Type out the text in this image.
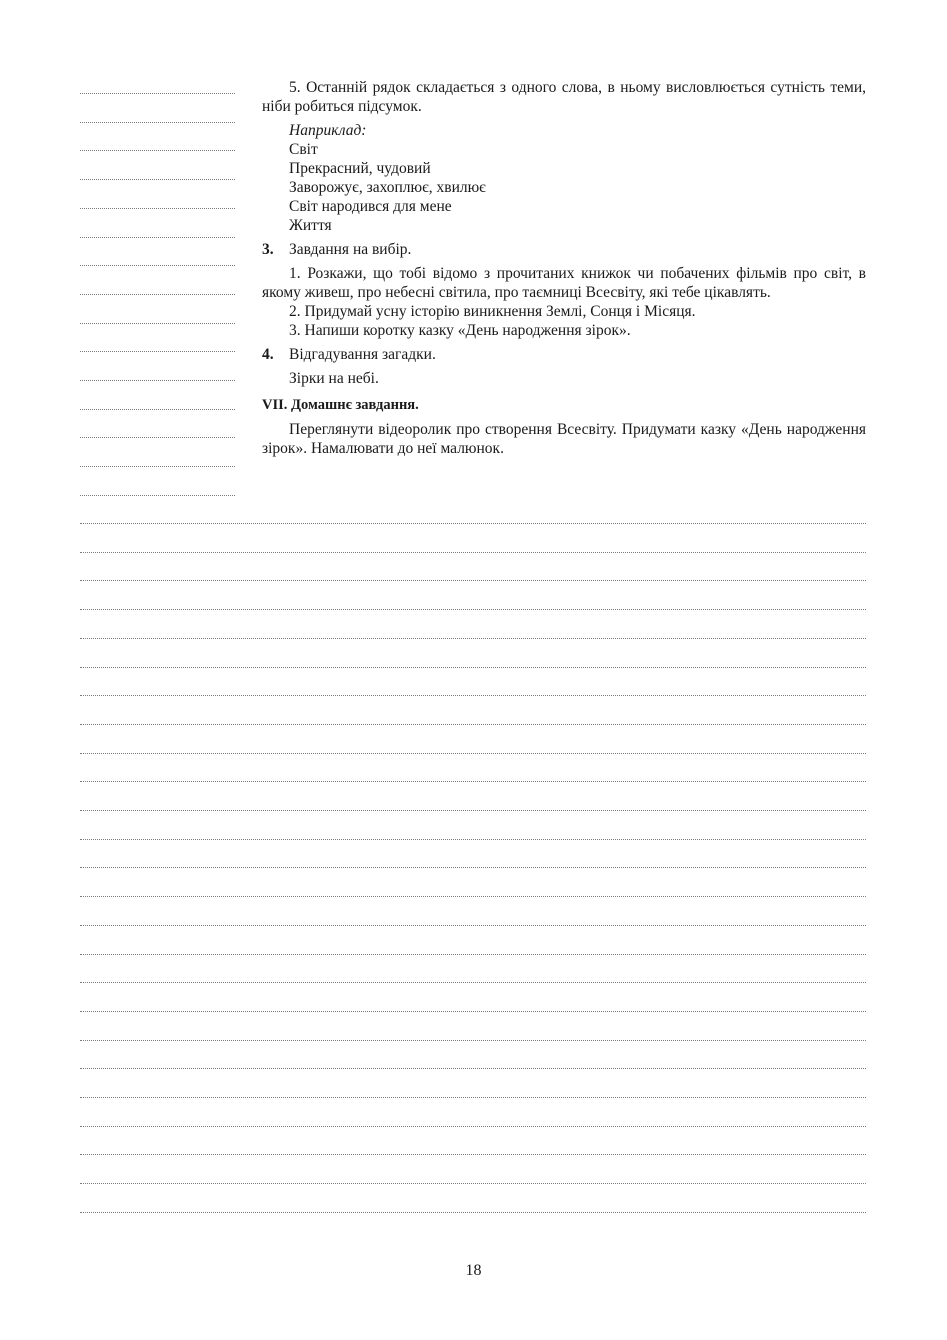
5. Останній рядок складається з одного слова, в ньому висловлюється сутність теми, ніби робиться підсумок.

Наприклад:
Світ
Прекрасний, чудовий
Заворожує, захоплює, хвилює
Світ народився для мене
Життя
3. Завдання на вибір.

1. Розкажи, що тобі відомо з прочитаних книжок чи побачених фільмів про світ, в якому живеш, про небесні світила, про таємниці Всесвіту, які тебе цікавлять.

2. Придумай усну історію виникнення Землі, Сонця і Місяця.

3. Напиши коротку казку «День народження зірок».

4. Відгадування загадки.

Зірки на небі.

VII. Домашнє завдання.

Переглянути відеоролик про створення Всесвіту. Придумати казку «День народження зірок». Намалювати до неї малюнок.

18
